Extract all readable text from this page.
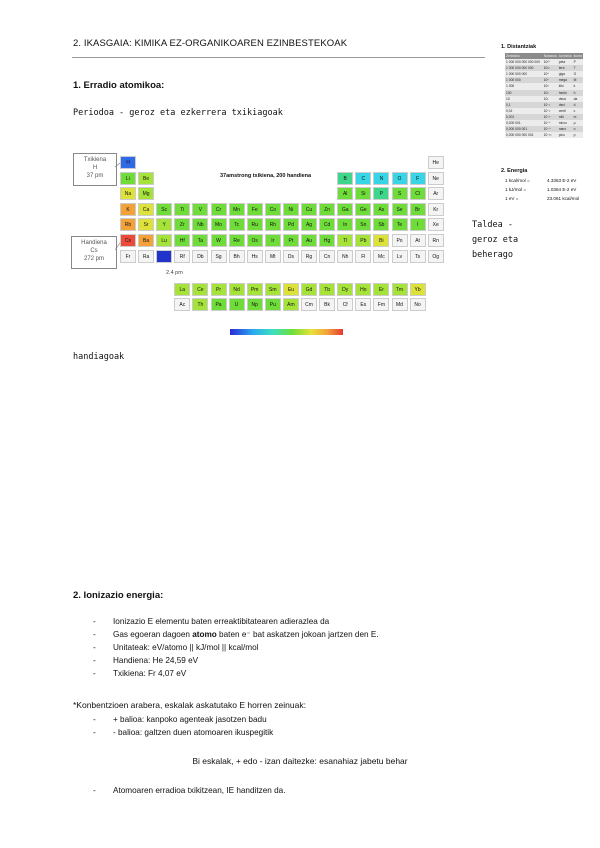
2. IKASGAIA: KIMIKA EZ-ORGANIKOAREN EZINBESTEKOAK
1. Erradio atomikoa:
Periodoa - geroz eta ezkerrera txikiagoak
H	He
Li	Be	B	C	N	O	F	Ne
Na	Mg	Al	Si	P	S	Cl	Ar
K	Ca	Sc	Ti	V	Cr	Mn	Fe	Co	Ni	Cu	Zn	Ga	Ge	As	Se	Br	Kr
Rb	Sr	Y	Zr	Nb	Mo	Tc	Ru	Rh	Pd	Ag	Cd	In	Sn	Sb	Te	I	Xe
Cs	Ba	Lu	Hf	Ta	W	Re	Os	Ir	Pt	Au	Hg	Tl	Pb	Bi	Po	At	Rn
Fr	Ra	Rf	Db	Sg	Bh	Hs	Mt	Ds	Rg	Cn	Nh	Fl	Mc	Lv	Ts	Og
La	Ce	Pr	Nd	Pm	Sm	Eu	Gd	Tb	Dy	Ho	Er	Tm	Yb
Ac	Th	Pa	U	Np	Pu	Am	Cm	Bk	Cf	Es	Fm	Md	No
Txikiena
H
37 pm
Handiena
Cs
272 pm
37amstrong txikiena, 200 handiena
2.4 pm
Taldea -
geroz eta
beherago
handiagoak
1. Distantziak
Zenbakia	Notazioa	Aurrizkia	Ikurra
1 000 000 000 000 000	10¹⁵	peta	P
1 000 000 000 000	10¹²	tera	T
1 000 000 000	10⁹	giga	G
1 000 000	10⁶	mega	M
1 000	10³	kilo	k
100	10²	hecto	h
10	10¹	deca	da
0,1	10⁻¹	deci	d
0,01	10⁻²	centi	c
0,001	10⁻³	mili	m
0,000 001	10⁻⁶	micro	μ
0,000 000 001	10⁻⁹	nano	n
0,000 000 000 001	10⁻¹²	pico	p
2. Energia
1 kcal/mol =	4.3363 E-2 eV
1 kJ/mol =	1.0364 E-2 eV
1 eV =	23.061 kcal/mol
2. Ionizazio energia:
- Ionizazio E elementu baten erreaktibitatearen adierazlea da
- Gas egoeran dagoen atomo baten e⁻ bat askatzen jokoan jartzen den E.
- Unitateak: eV/atomo || kJ/mol || kcal/mol
- Handiena: He 24,59 eV
- Txikiena: Fr 4,07 eV
*Konbentzioen arabera, eskalak askatutako E horren zeinuak:
- + balioa: kanpoko agenteak jasotzen badu
- - balioa: galtzen duen atomoaren ikuspegitik
Bi eskalak, + edo - izan daitezke: esanahiaz jabetu behar
- Atomoaren erradioa txikitzean, IE handitzen da.
